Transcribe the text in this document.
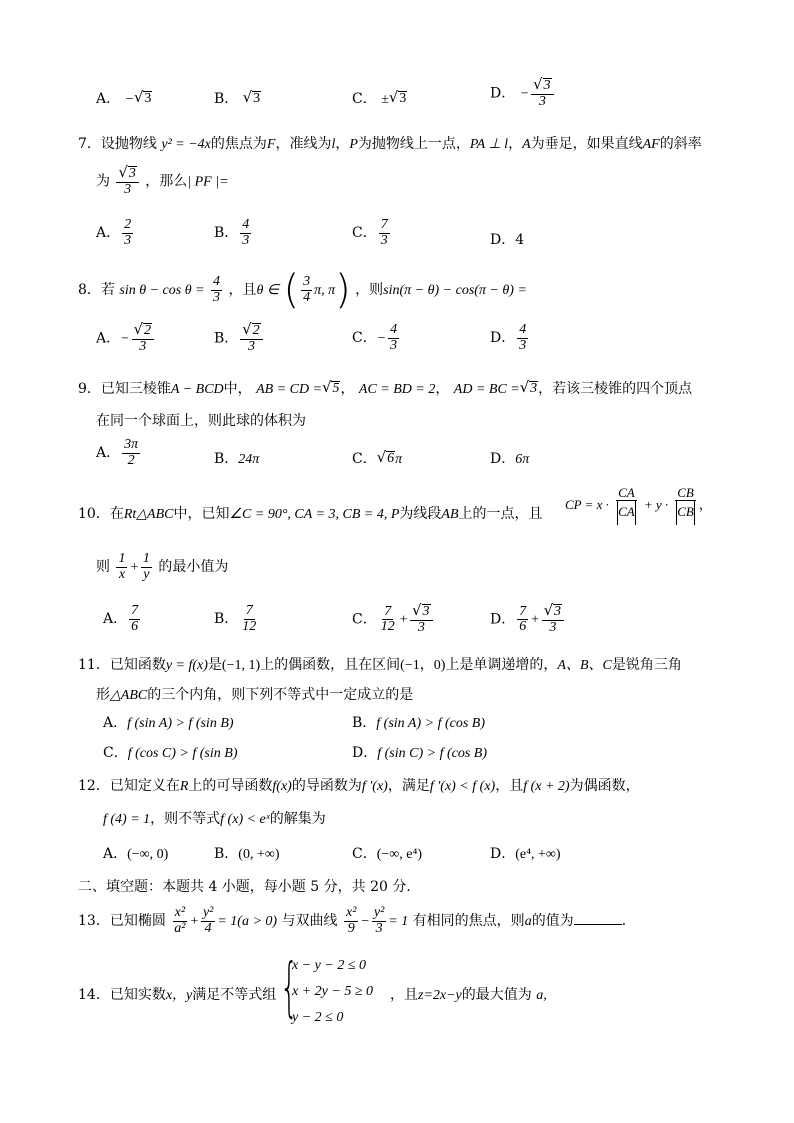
A． − √ 3	B． √ 3	C． ± √ 3	D． − $\frac{√ 3}{3}$
7．设抛物线 y² = −4x的焦点为F，准线为l，P为抛物线上一点，PA ⊥ l，A为垂足，如果直线AF的斜率
为 $\frac{√ 3}{3}$ ，那么| PF |=
A． $\frac{2}{3}$	B． $\frac{4}{3}$	C． $\frac{7}{3}$	D．4
8．若 $\sin \theta - \cos \theta = \frac{4}{3}$ ，且θ ∈ ( $\frac{3}{4} \pi$, π) ，则sin(π − θ) − cos(π − θ) =
A．− $\frac{√ 2}{3}$	B． $\frac{√ 2}{3}$	C．− $\frac{4}{3}$	D． $\frac{4}{3}$
9．已知三棱锥A − BCD中， AB = CD = √ 5 ， AC = BD = 2， AD = BC = √ 3 ，若该三棱锥的四个顶点
在同一个球面上，则此球的体积为
A． $\frac{3\pi}{2}$	B．24π	C． √ 6 π	D．6π
10．在Rt△ABC中，已知∠C = 90°, CA = 3, CB = 4, P为线段AB上的一点，且
CP = $x \cdot \frac{CA}{CA} + y \cdot \frac{CB}{CB}$ ，
则 $\frac{1}{x} + \frac{1}{y}$ 的最小值为
A． $\frac{7}{6}$	B． $\frac{7}{12}$	C． $\frac{7}{12} + \frac{√ 3}{3}$	D． $\frac{7}{6} + \frac{√ 3}{3}$
11．已知函数y = f(x)是(−1, 1)上的偶函数，且在区间(−1，0)上是单调递增的，A、B、C是锐角三角
形△ABC的三个内角，则下列不等式中一定成立的是
A．f (sin A) > f (sin B)	B．f (sin A) > f (cos B)
C．f (cos C) > f (sin B)	D．f (sin C) > f (cos B)
12．已知定义在R上的可导函数f(x)的导函数为f ′(x)，满足f ′(x) < f (x)，且f (x + 2)为偶函数，
f (4) = 1，则不等式f (x) < eˣ的解集为
A．(−∞, 0)	B．(0, +∞)	C．(−∞, e⁴)	D．(e⁴, +∞)
二、填空题：本题共 4 小题，每小题 5 分，共 20 分．
13．已知椭圆 $\frac{\text{x²}}{\text{a²}} + \frac{\text{y²}}{4} = 1(a > 0)$ 与双曲线 $\frac{\text{x²}}{9} - \frac{\text{y²}}{3} = 1$ 有相同的焦点，则a的值为	．
14．已知实数x，y满足不等式组 {
x − y − 2 ≤ 0
x + 2y − 5 ≥ 0
y − 2 ≤ 0
，且z=2x−y的最大值为 a,
